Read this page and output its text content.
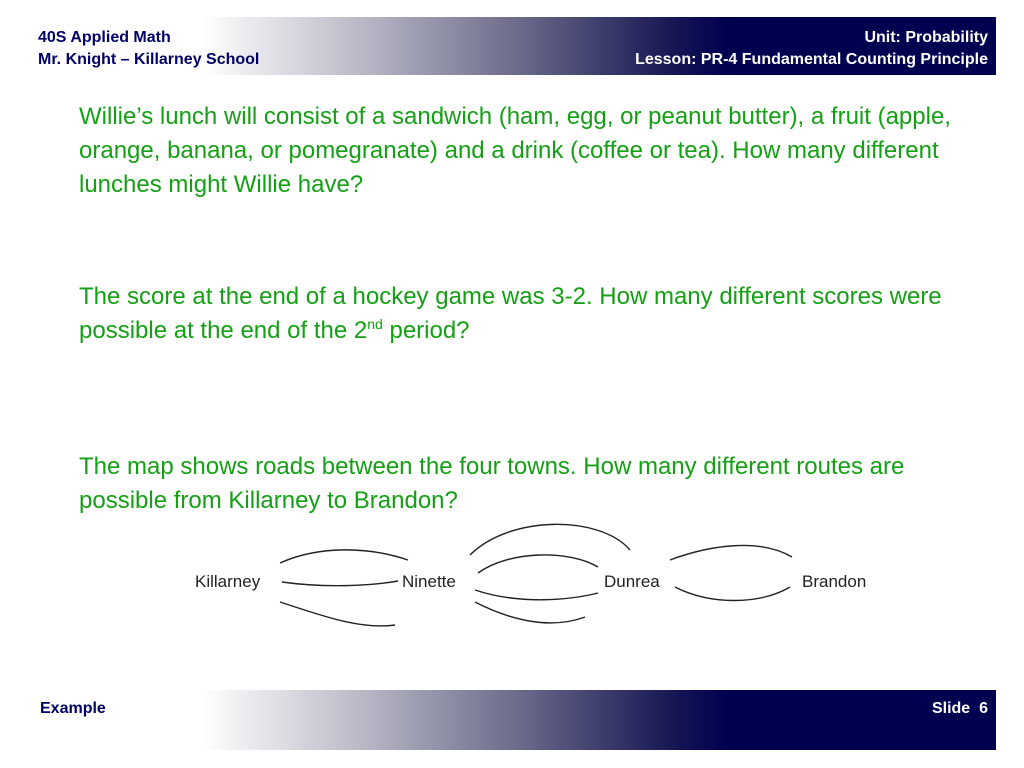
40S Applied Math
Mr. Knight – Killarney School
Unit: Probability
Lesson: PR-4 Fundamental Counting Principle
Willie’s lunch will consist of a sandwich (ham, egg, or peanut butter), a fruit (apple, orange, banana, or pomegranate) and a drink (coffee or tea). How many different lunches might Willie have?
The score at the end of a hockey game was 3-2. How many different scores were possible at the end of the 2nd period?
The map shows roads between the four towns. How many different routes are possible from Killarney to Brandon?
Killarney	Ninette	Dunrea	Brandon
Example	Slide  6
